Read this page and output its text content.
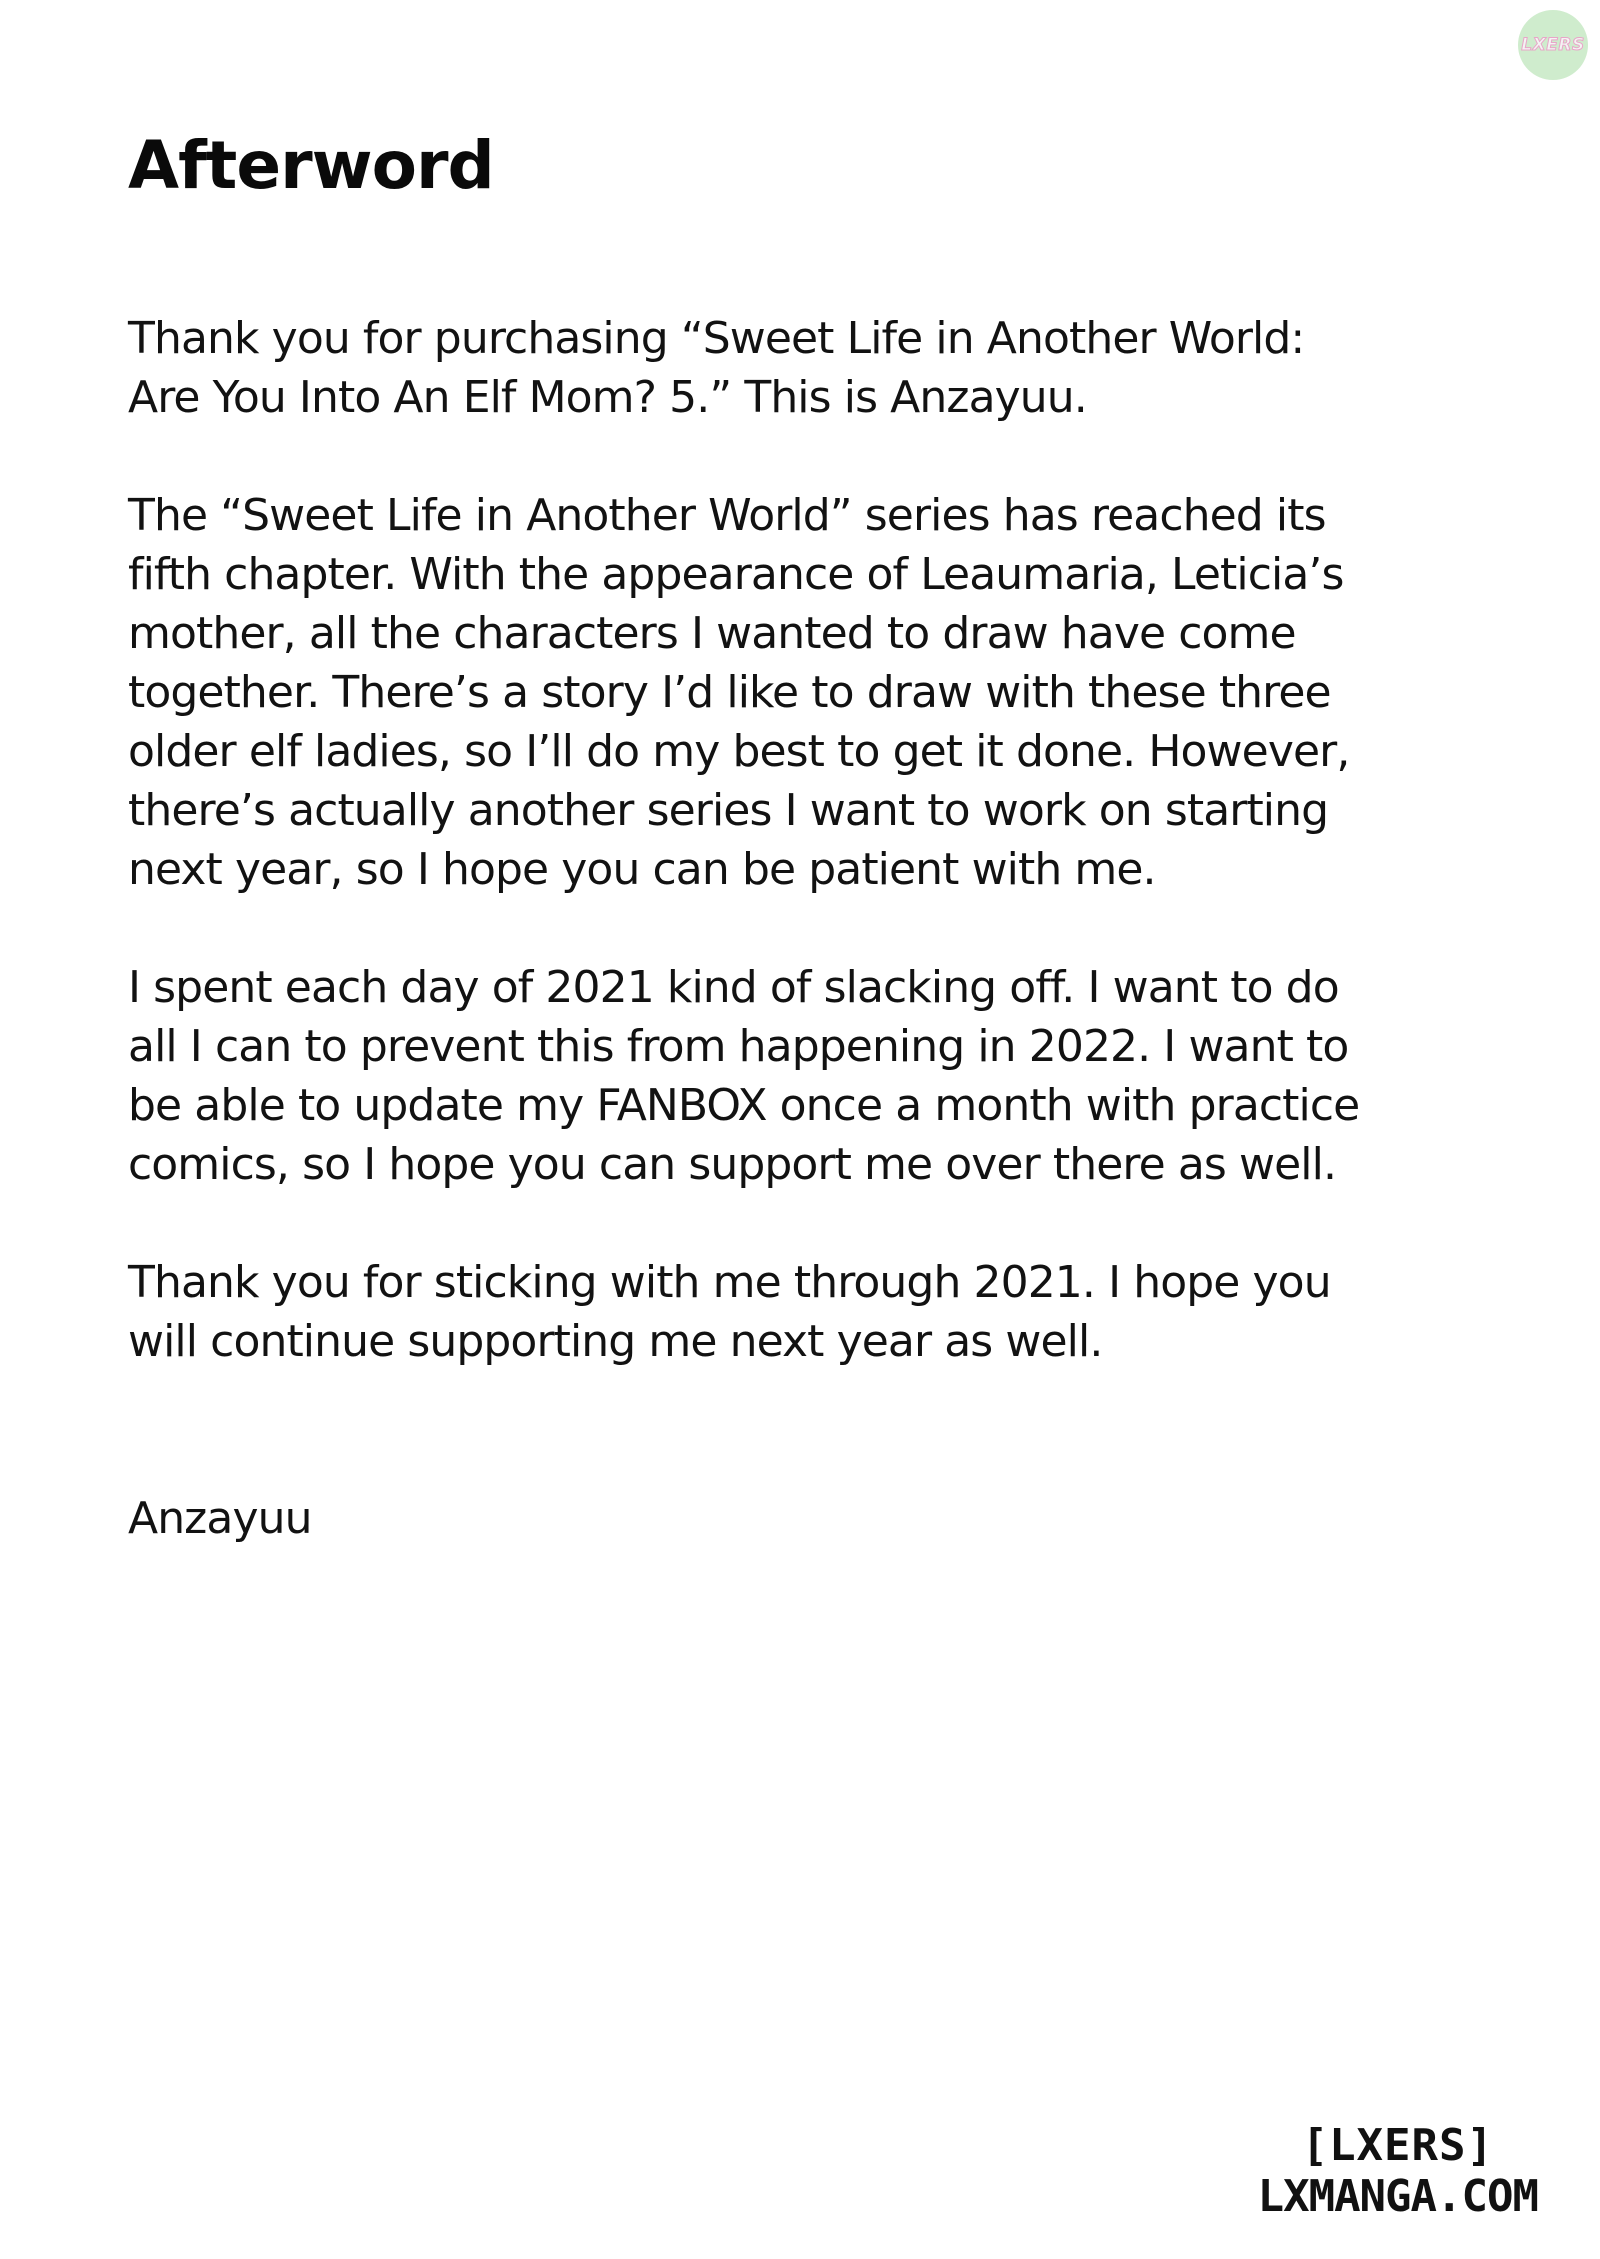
LXERS
Afterword

Thank you for purchasing “Sweet Life in Another World:
Are You Into An Elf Mom? 5.” This is Anzayuu.

The “Sweet Life in Another World” series has reached its
fifth chapter. With the appearance of Leaumaria, Leticia’s
mother, all the characters I wanted to draw have come
together. There’s a story I’d like to draw with these three
older elf ladies, so I’ll do my best to get it done. However,
there’s actually another series I want to work on starting
next year, so I hope you can be patient with me.

I spent each day of 2021 kind of slacking off. I want to do
all I can to prevent this from happening in 2022. I want to
be able to update my FANBOX once a month with practice
comics, so I hope you can support me over there as well.

Thank you for sticking with me through 2021. I hope you
will continue supporting me next year as well.

Anzayuu

[LXERS]
LXMANGA.COM
